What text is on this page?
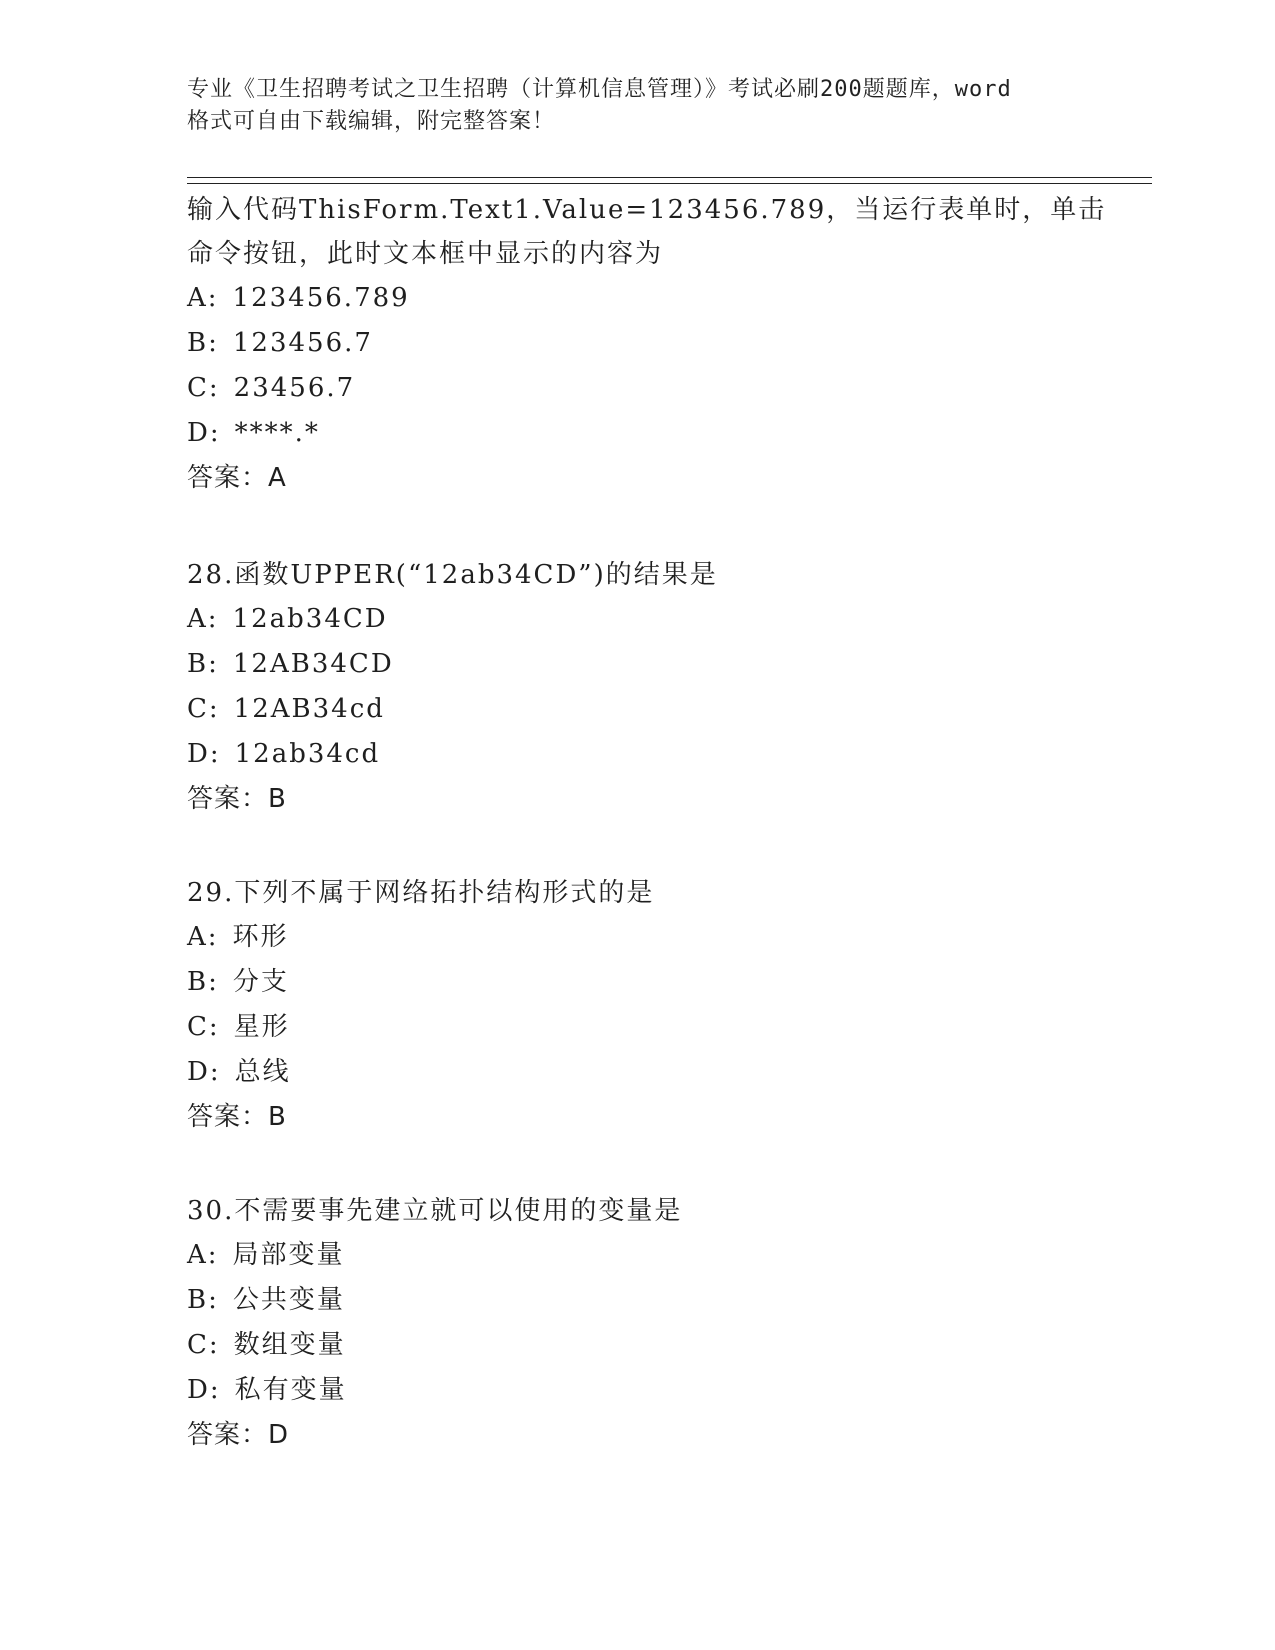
专业《卫生招聘考试之卫生招聘（计算机信息管理）》考试必刷200题题库，word
格式可自由下载编辑，附完整答案！
输入代码ThisForm.Text1.Value=123456.789，当运行表单时，单击命令按钮，此时文本框中显示的内容为
A: 123456.789
B: 123456.7
C: 23456.7
D: ****.*
答案：A
28.函数UPPER(“12ab34CD”)的结果是
A: 12ab34CD
B: 12AB34CD
C: 12AB34cd
D: 12ab34cd
答案：B
29.下列不属于网络拓扑结构形式的是
A: 环形
B: 分支
C: 星形
D: 总线
答案：B
30.不需要事先建立就可以使用的变量是
A: 局部变量
B: 公共变量
C: 数组变量
D: 私有变量
答案：D
